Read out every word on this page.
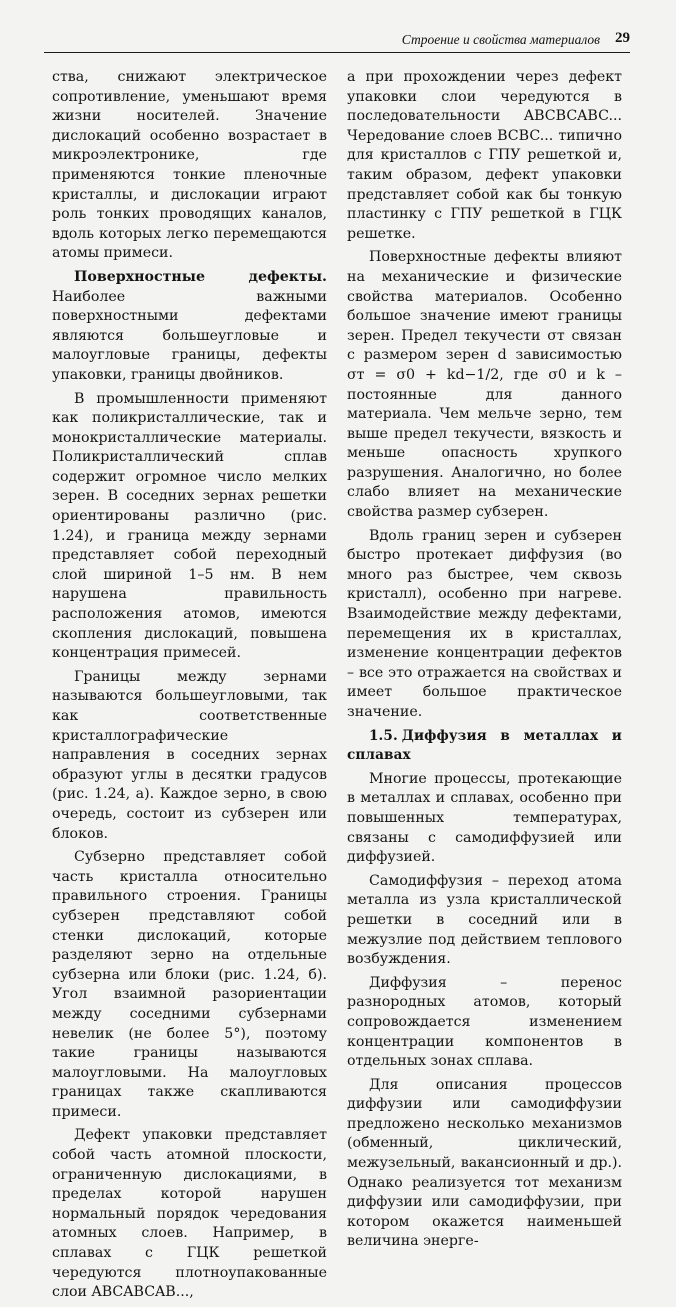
Строение и свойства материалов 29

ства, снижают электрическое сопротивление, уменьшают время жизни носителей. Значение дислокаций особенно возрастает в микроэлектронике, где применяются тонкие пленочные кристаллы, и дислокации играют роль тонких проводящих каналов, вдоль которых легко перемещаются атомы примеси.

Поверхностные дефекты. Наиболее важными поверхностными дефектами являются большеугловые и малоугловые границы, дефекты упаковки, границы двойников.

В промышленности применяют как поликристаллические, так и монокристаллические материалы. Поликристаллический сплав содержит огромное число мелких зерен. В соседних зернах решетки ориентированы различно (рис. 1.24), и граница между зернами представляет собой переходный слой шириной 1–5 нм. В нем нарушена правильность расположения атомов, имеются скопления дислокаций, повышена концентрация примесей.

Границы между зернами называются большеугловыми, так как соответственные кристаллографические направления в соседних зернах образуют углы в десятки градусов (рис. 1.24, а). Каждое зерно, в свою очередь, состоит из субзерен или блоков.

Субзерно представляет собой часть кристалла относительно правильного строения. Границы субзерен представляют собой стенки дислокаций, которые разделяют зерно на отдельные субзерна или блоки (рис. 1.24, б). Угол взаимной разориентации между соседними субзернами невелик (не более 5°), поэтому такие границы называются малоугловыми. На малоугловых границах также скапливаются примеси.

Дефект упаковки представляет собой часть атомной плоскости, ограниченную дислокациями, в пределах которой нарушен нормальный порядок чередования атомных слоев. Например, в сплавах с ГЦК решеткой чередуются плотноупакованные слои ABCABCAB...,

а при прохождении через дефект упаковки слои чередуются в последовательности ABCBCABC... Чередование слоев BCBC... типично для кристаллов с ГПУ решеткой и, таким образом, дефект упаковки представляет собой как бы тонкую пластинку с ГПУ решеткой в ГЦК решетке.

Поверхностные дефекты влияют на механические и физические свойства материалов. Особенно большое значение имеют границы зерен. Предел текучести σт связан с размером зерен d зависимостью σт = σ0 + kd−1/2, где σ0 и k – постоянные для данного материала. Чем мельче зерно, тем выше предел текучести, вязкость и меньше опасность хрупкого разрушения. Аналогично, но более слабо влияет на механические свойства размер субзерен.

Вдоль границ зерен и субзерен быстро протекает диффузия (во много раз быстрее, чем сквозь кристалл), особенно при нагреве. Взаимодействие между дефектами, перемещения их в кристаллах, изменение концентрации дефектов – все это отражается на свойствах и имеет большое практическое значение.

1.5. Диффузия в металлах и сплавах

Многие процессы, протекающие в металлах и сплавах, особенно при повышенных температурах, связаны с самодиффузией или диффузией.

Самодиффузия – переход атома металла из узла кристаллической решетки в соседний или в межузлие под действием теплового возбуждения.

Диффузия – перенос разнородных атомов, который сопровождается изменением концентрации компонентов в отдельных зонах сплава.

Для описания процессов диффузии или самодиффузии предложено несколько механизмов (обменный, циклический, межузельный, вакансионный и др.). Однако реализуется тот механизм диффузии или самодиффузии, при котором окажется наименьшей величина энерге-
